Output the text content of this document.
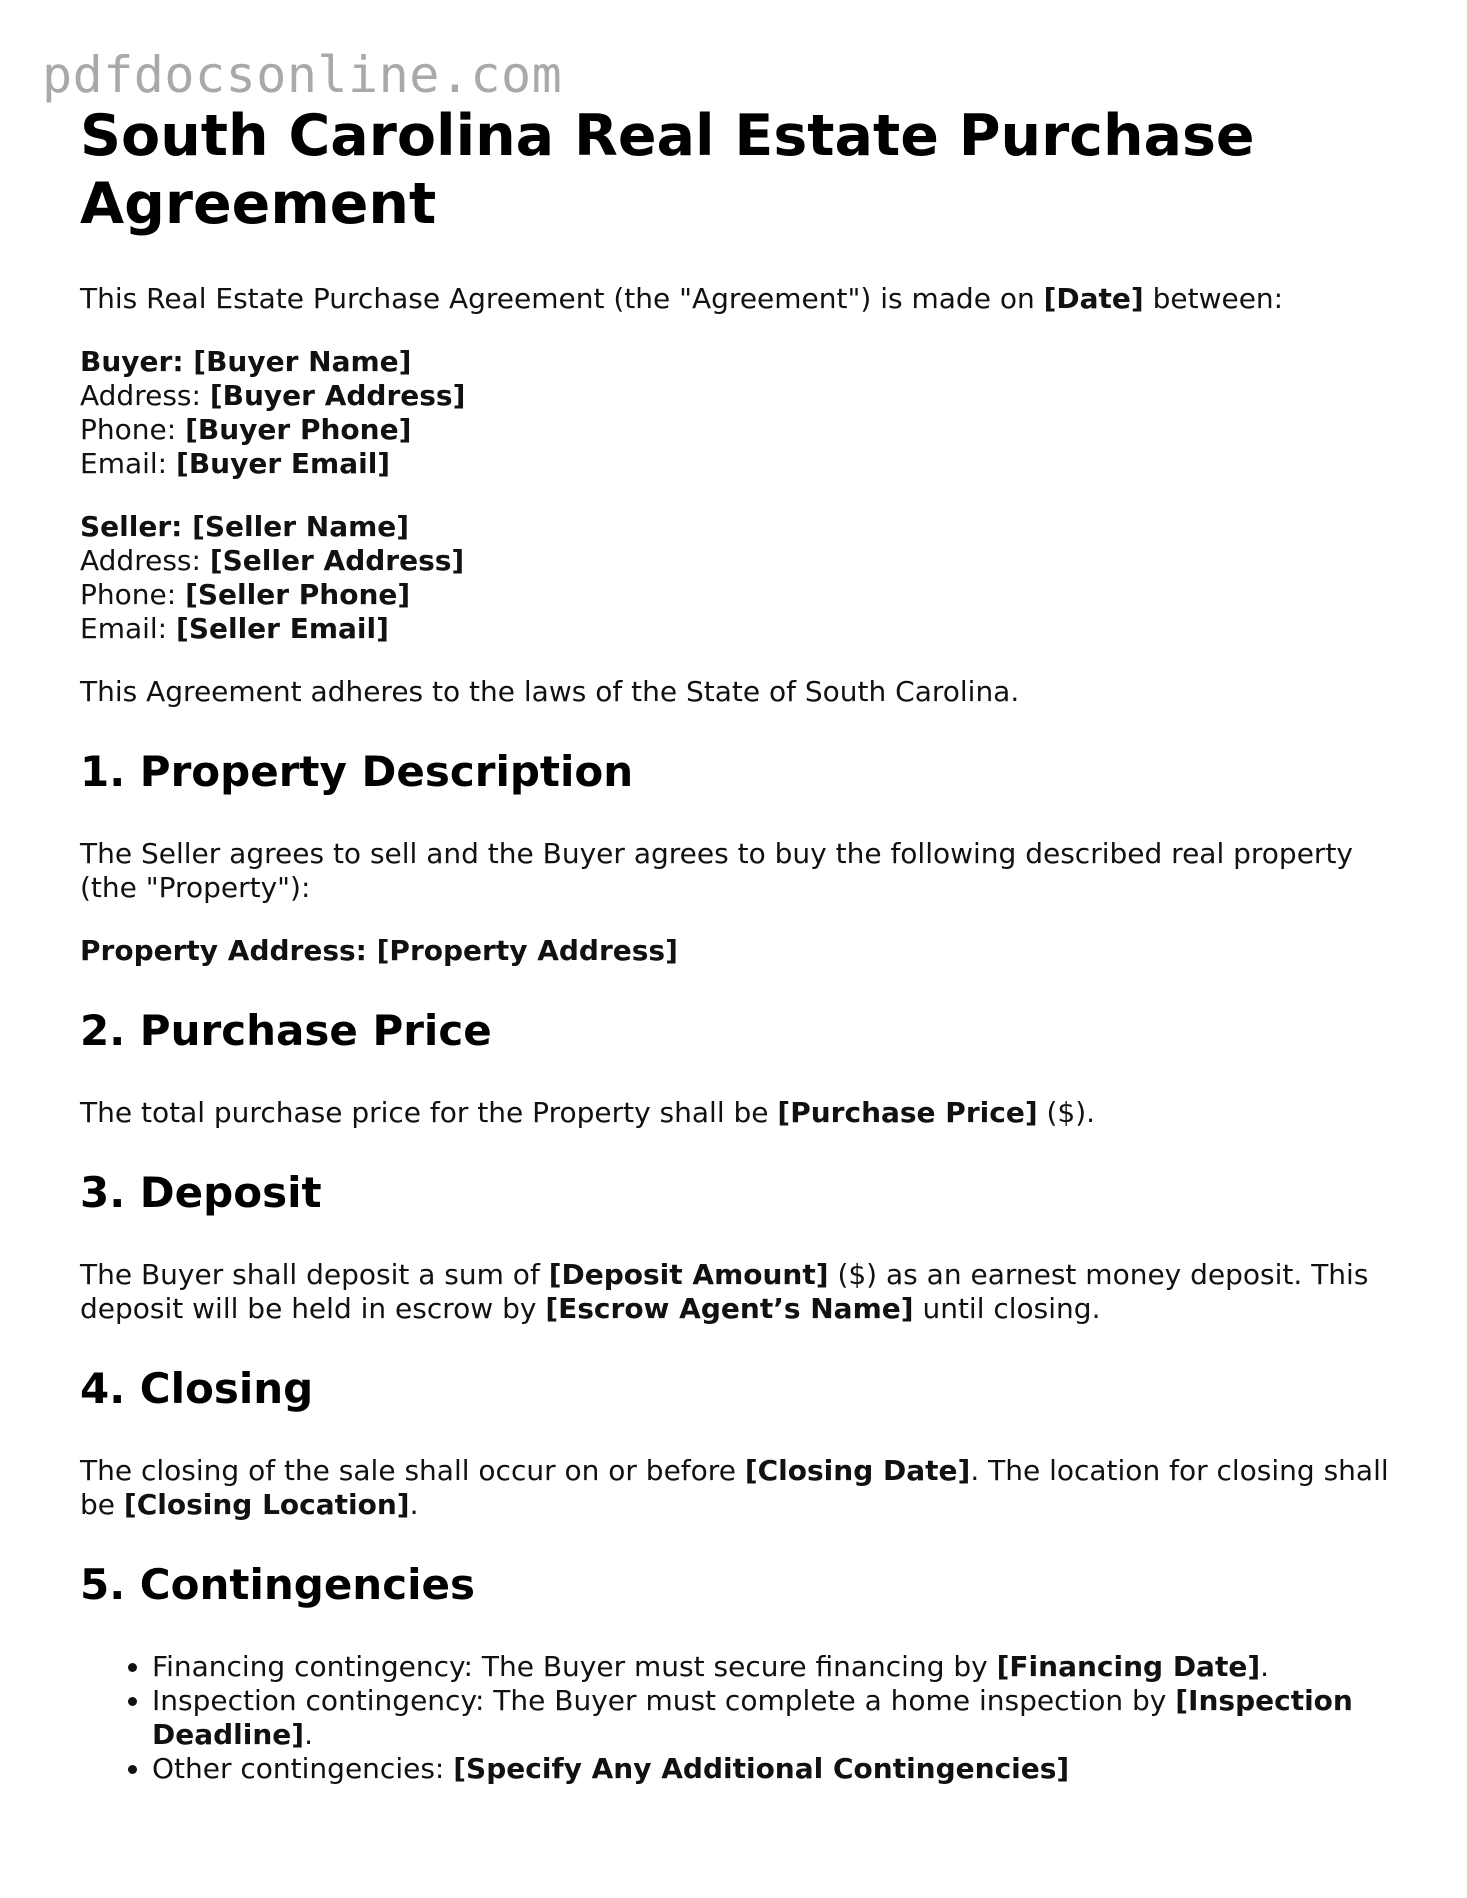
pdfdocsonline.com
South Carolina Real Estate Purchase Agreement

This Real Estate Purchase Agreement (the "Agreement") is made on [Date] between:

Buyer: [Buyer Name]
Address: [Buyer Address]
Phone: [Buyer Phone]
Email: [Buyer Email]
Seller: [Seller Name]
Address: [Seller Address]
Phone: [Seller Phone]
Email: [Seller Email]

This Agreement adheres to the laws of the State of South Carolina.

1. Property Description

The Seller agrees to sell and the Buyer agrees to buy the following described real property (the "Property"):

Property Address: [Property Address]

2. Purchase Price

The total purchase price for the Property shall be [Purchase Price] ($).

3. Deposit

The Buyer shall deposit a sum of [Deposit Amount] ($) as an earnest money deposit. This deposit will be held in escrow by [Escrow Agent’s Name] until closing.

4. Closing

The closing of the sale shall occur on or before [Closing Date]. The location for closing shall be [Closing Location].

5. Contingencies
• Financing contingency: The Buyer must secure financing by [Financing Date].
• Inspection contingency: The Buyer must complete a home inspection by [Inspection Deadline].
• Other contingencies: [Specify Any Additional Contingencies]
